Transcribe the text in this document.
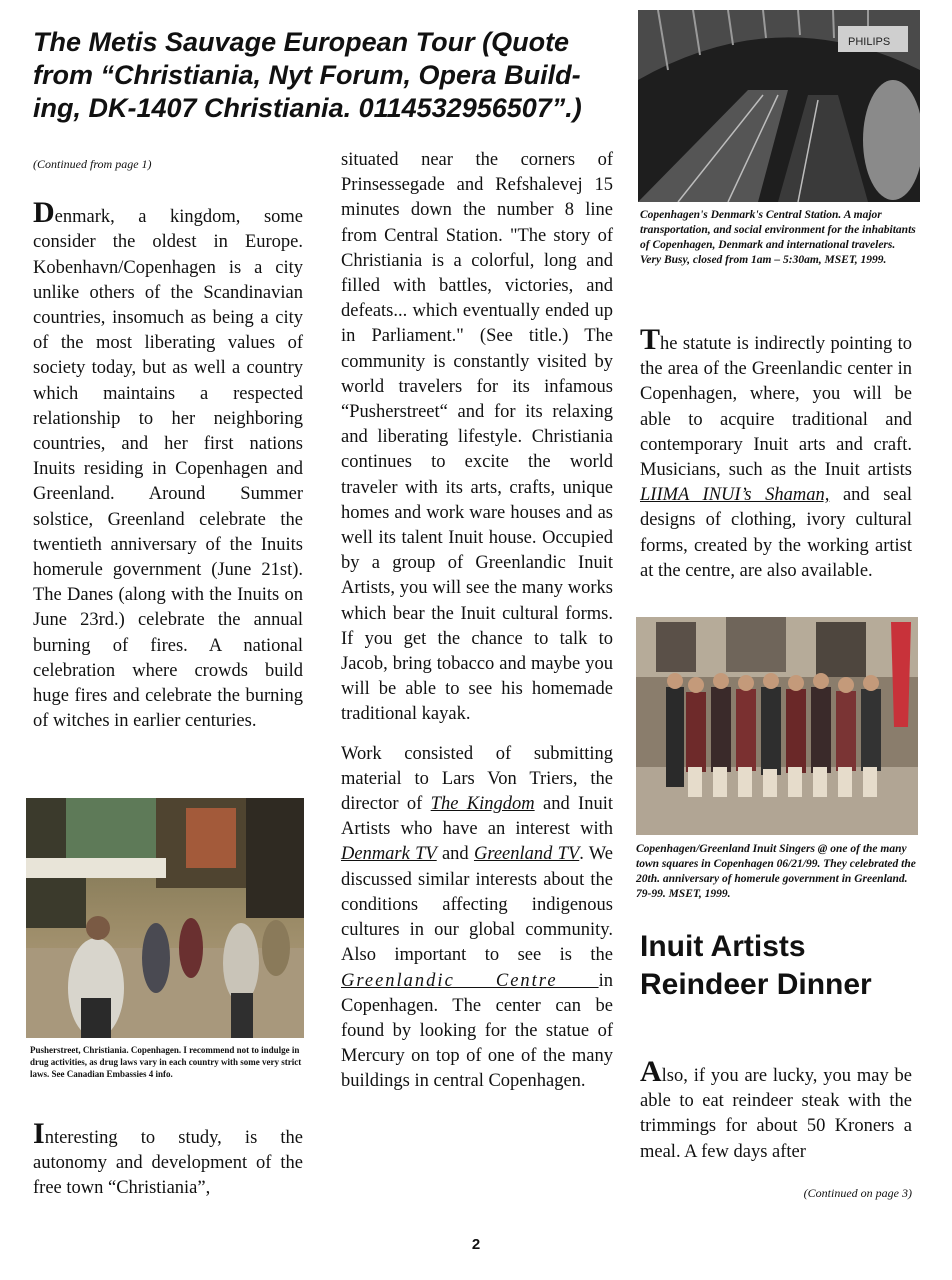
The Metis Sauvage European Tour (Quote from “Christiania, Nyt Forum, Opera Build-ing, DK-1407 Christiania. 0114532956507”.)

(Continued from page 1)

Denmark, a kingdom, some consider the oldest in Europe. Kobenhavn/Copenhagen is a city unlike others of the Scandinavian countries, insomuch as being a city of the most liberating values of society today, but as well a country which maintains a respected relationship to her neighboring countries, and her first nations Inuits residing in Copenhagen and Greenland. Around Summer solstice, Greenland celebrate the twentieth anniversary of the Inuits homerule government (June 21st). The Danes (along with the Inuits on June 23rd.) celebrate the annual burning of fires. A national celebration where crowds build huge fires and celebrate the burning of witches in earlier centuries.

Pusherstreet, Christiania. Copenhagen. I recommend not to indulge in drug activities, as drug laws vary in each country with some very strict laws. See Canadian Embassies 4 info.

Interesting to study, is the autonomy and development of the free town “Christiania”,

situated near the corners of Prinsessegade and Refshalevej 15 minutes down the number 8 line from Central Station. "The story of Christiania is a colorful, long and filled with battles, victories, and defeats... which eventually ended up in Parliament." (See title.) The community is constantly visited by world travelers for its infamous “Pusherstreet“ and for its relaxing and liberating lifestyle. Christiania continues to excite the world traveler with its arts, crafts, unique homes and work ware houses and as well its talent Inuit house. Occupied by a group of Greenlandic Inuit Artists, you will see the many works which bear the Inuit cultural forms. If you get the chance to talk to Jacob, bring tobacco and maybe you will be able to see his homemade traditional kayak.

Work consisted of submitting material to Lars Von Triers, the director of The Kingdom and Inuit Artists who have an interest with Denmark TV and Greenland TV. We discussed similar interests about the conditions affecting indigenous cultures in our global community. Also important to see is the Greenlandic Centre in Copenhagen. The center can be found by looking for the statue of Mercury on top of one of the many buildings in central Copenhagen.

PHILIPS
Copenhagen's Denmark's Central Station. A major transportation, and social environment for the inhabitants of Copenhagen, Denmark and international travelers. Very Busy, closed from 1am – 5:30am, MSET, 1999.

The statute is indirectly pointing to the area of the Greenlandic center in Copenhagen, where, you will be able to acquire traditional and contemporary Inuit arts and craft. Musicians, such as the Inuit artists LIIMA INUI’s Shaman, and seal designs of clothing, ivory cultural forms, created by the working artist at the centre, are also available.

Copenhagen/Greenland Inuit Singers @ one of the many town squares in Copenhagen 06/21/99. They celebrated the 20th. anniversary of homerule government in Greenland. 79-99. MSET, 1999.
Inuit Artists Reindeer Dinner

Also, if you are lucky, you may be able to eat reindeer steak with the trimmings for about 50 Kroners a meal. A few days after

(Continued on page 3)
2
